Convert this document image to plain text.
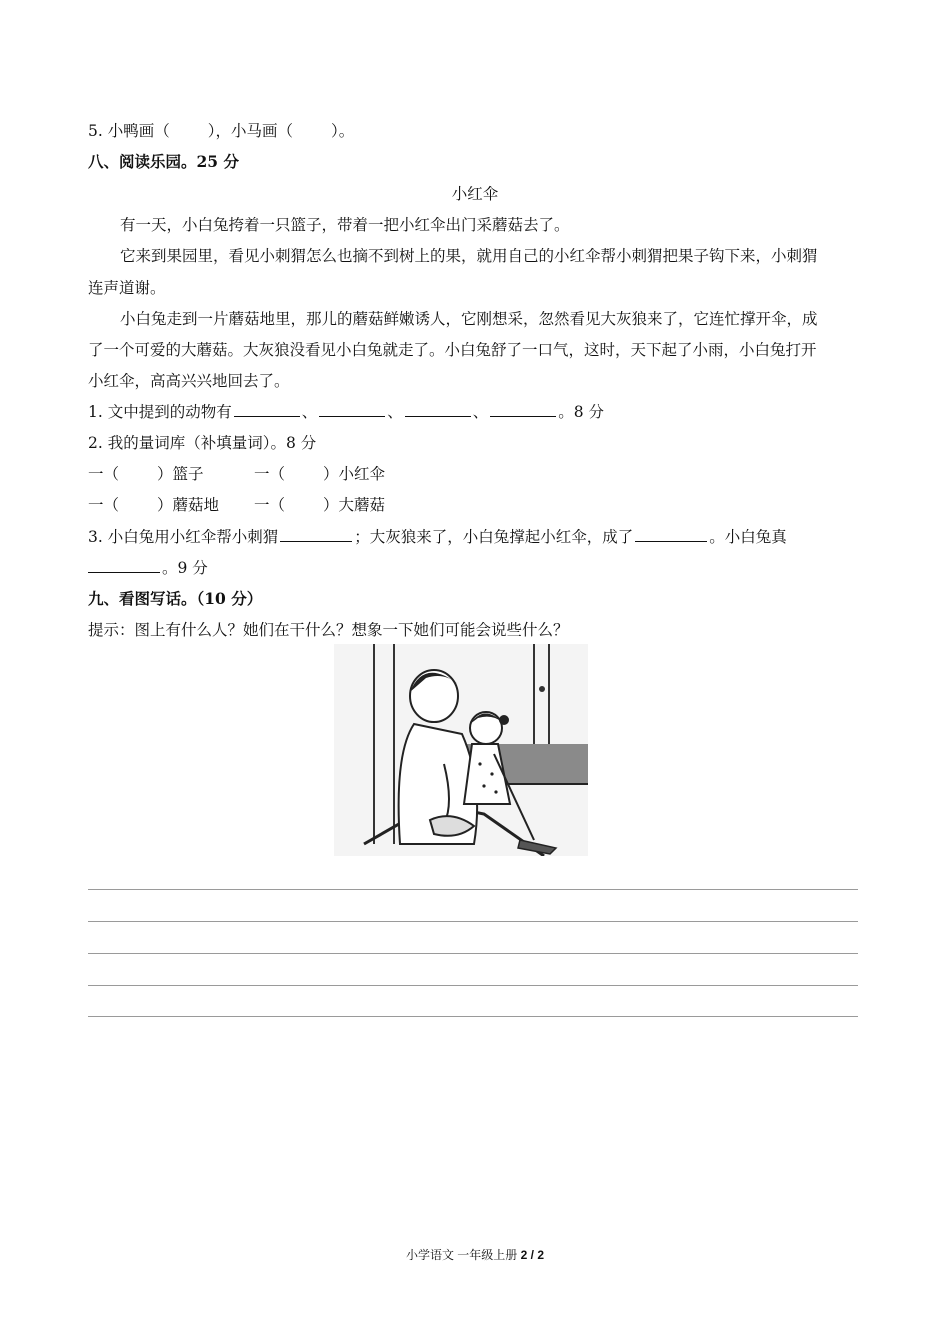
5. 小鸭画（ ），小马画（ ）。
八、阅读乐园。25 分
小红伞
有一天，小白兔挎着一只篮子，带着一把小红伞出门采蘑菇去了。
它来到果园里，看见小刺猬怎么也摘不到树上的果，就用自己的小红伞帮小刺猬把果子钩下来，小刺猬
连声道谢。
小白兔走到一片蘑菇地里，那儿的蘑菇鲜嫩诱人，它刚想采，忽然看见大灰狼来了，它连忙撑开伞，成
了一个可爱的大蘑菇。大灰狼没看见小白兔就走了。小白兔舒了一口气，这时，天下起了小雨，小白兔打开
小红伞，高高兴兴地回去了。
1. 文中提到的动物有	、	、	、	。8 分
2. 我的量词库（补填量词）。8 分
一（ ）篮子	一（ ）小红伞
一（ ）蘑菇地 一（ ）大蘑菇
3. 小白兔用小红伞帮小刺猬	；大灰狼来了，小白兔撑起小红伞，成了	。小白兔真
。9 分
九、看图写话。（10 分）
提示：图上有什么人？她们在干什么？想象一下她们可能会说些什么？
小学语文 一年级上册 2 / 2
